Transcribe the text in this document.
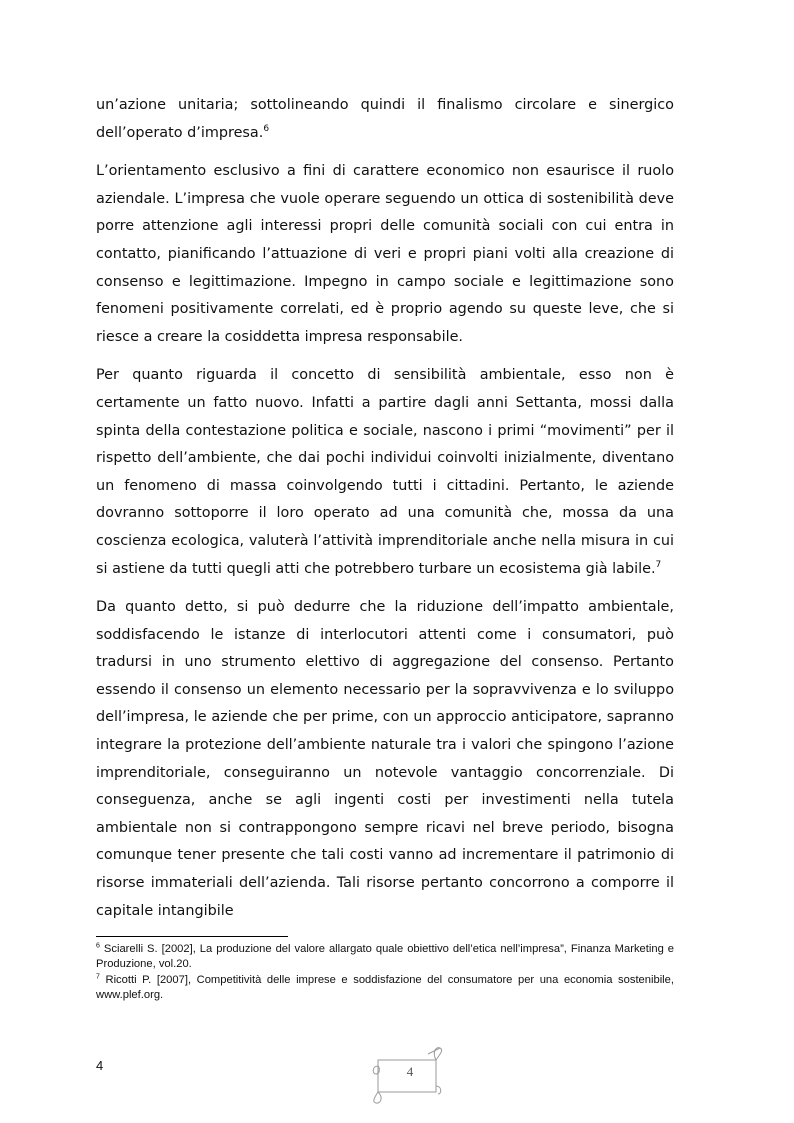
un’azione unitaria; sottolineando quindi il finalismo circolare e sinergico dell’operato d’impresa.$^6$

L’orientamento esclusivo a fini di carattere economico non esaurisce il ruolo aziendale. L’impresa che vuole operare seguendo un ottica di sostenibilità deve porre attenzione agli interessi propri delle comunità sociali con cui entra in contatto, pianificando l’attuazione di veri e propri piani volti alla creazione di consenso e legittimazione. Impegno in campo sociale e legittimazione sono fenomeni positivamente correlati, ed è proprio agendo su queste leve, che si riesce a creare la cosiddetta impresa responsabile.

Per quanto riguarda il concetto di sensibilità ambientale, esso non è certamente un fatto nuovo. Infatti a partire dagli anni Settanta, mossi dalla spinta della contestazione politica e sociale, nascono i primi “movimenti” per il rispetto dell’ambiente, che dai pochi individui coinvolti inizialmente, diventano un fenomeno di massa coinvolgendo tutti i cittadini. Pertanto, le aziende dovranno sottoporre il loro operato ad una comunità che, mossa da una coscienza ecologica, valuterà l’attività imprenditoriale anche nella misura in cui si astiene da tutti quegli atti che potrebbero turbare un ecosistema già labile.$^7$

Da quanto detto, si può dedurre che la riduzione dell’impatto ambientale, soddisfacendo le istanze di interlocutori attenti come i consumatori, può tradursi in uno strumento elettivo di aggregazione del consenso. Pertanto essendo il consenso un elemento necessario per la sopravvivenza e lo sviluppo dell’impresa, le aziende che per prime, con un approccio anticipatore, sapranno integrare la protezione dell’ambiente naturale tra i valori che spingono l’azione imprenditoriale, conseguiranno un notevole vantaggio concorrenziale. Di conseguenza, anche se agli ingenti costi per investimenti nella tutela ambientale non si contrappongono sempre ricavi nel breve periodo, bisogna comunque tener presente che tali costi vanno ad incrementare il patrimonio di risorse immateriali dell’azienda. Tali risorse pertanto concorrono a comporre il capitale intangibile

$^6$ Sciarelli S. [2002], La produzione del valore allargato quale obiettivo dell’etica nell’impresa”, Finanza Marketing e Produzione, vol.20.

$^7$ Ricotti P. [2007], Competitività delle imprese e soddisfazione del consumatore per una economia sostenibile, www.plef.org.

4	4
